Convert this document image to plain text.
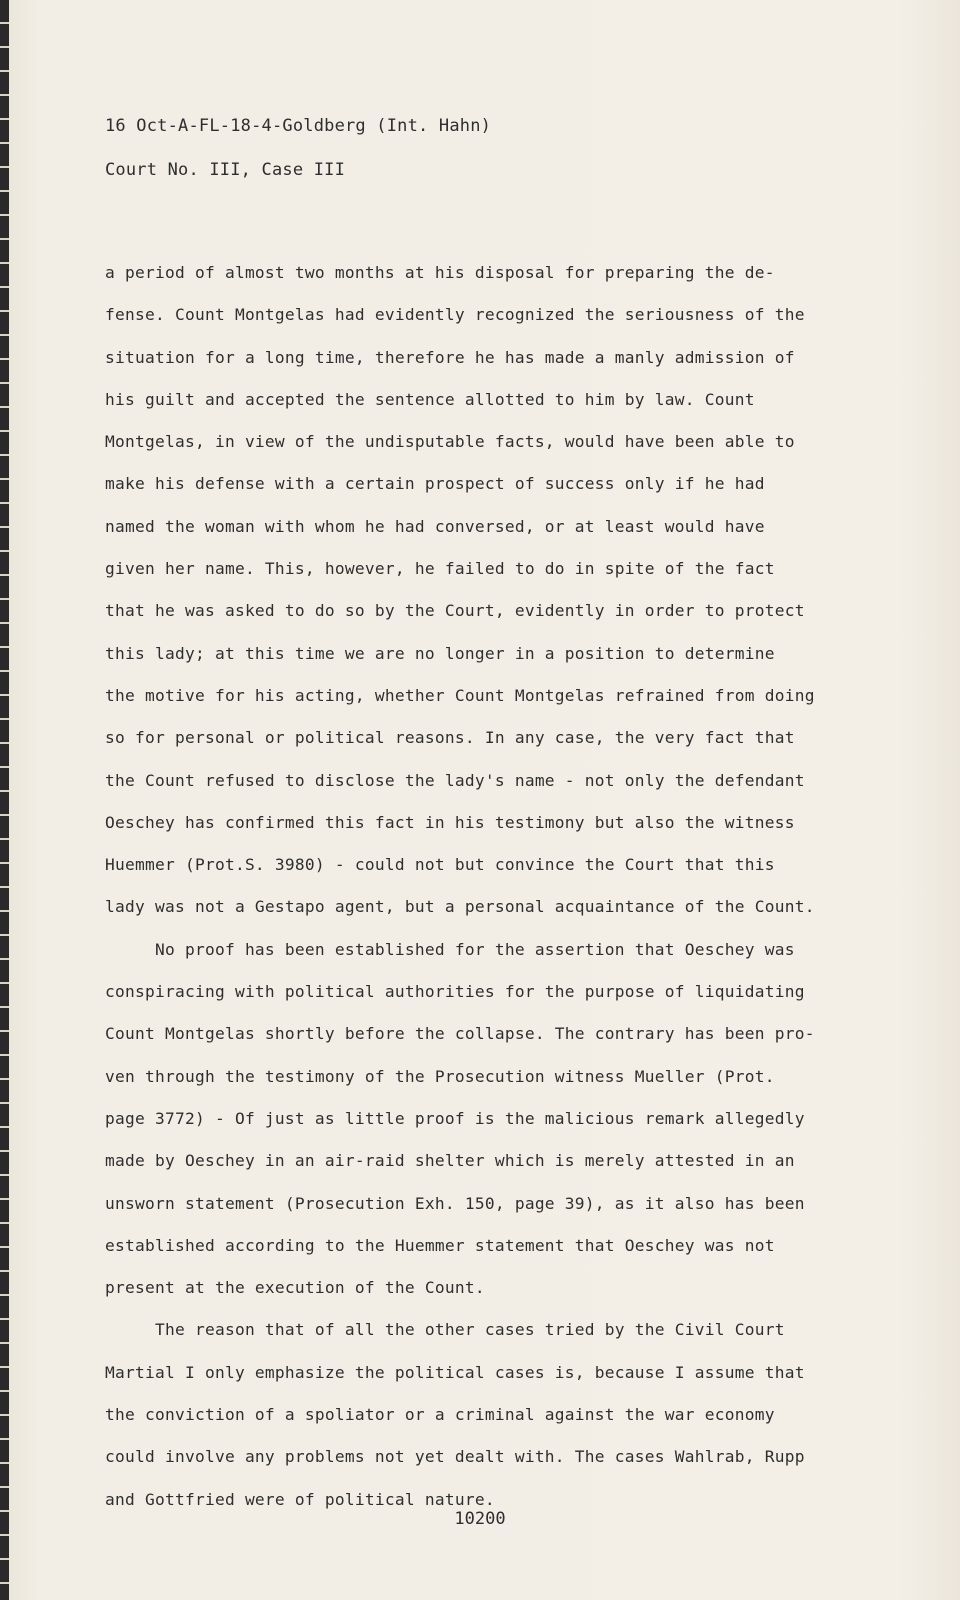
16 Oct-A-FL-18-4-Goldberg (Int. Hahn)
Court No. III, Case III
a period of almost two months at his disposal for preparing the de-
fense. Count Montgelas had evidently recognized the seriousness of the
situation for a long time, therefore he has made a manly admission of
his guilt and accepted the sentence allotted to him by law. Count
Montgelas, in view of the undisputable facts, would have been able to
make his defense with a certain prospect of success only if he had
named the woman with whom he had conversed, or at least would have
given her name. This, however, he failed to do in spite of the fact
that he was asked to do so by the Court, evidently in order to protect
this lady; at this time we are no longer in a position to determine
the motive for his acting, whether Count Montgelas refrained from doing
so for personal or political reasons. In any case, the very fact that
the Count refused to disclose the lady's name - not only the defendant
Oeschey has confirmed this fact in his testimony but also the witness
Huemmer (Prot.S. 3980) - could not but convince the Court that this
lady was not a Gestapo agent, but a personal acquaintance of the Count.
No proof has been established for the assertion that Oeschey was
conspiracing with political authorities for the purpose of liquidating
Count Montgelas shortly before the collapse. The contrary has been pro-
ven through the testimony of the Prosecution witness Mueller (Prot.
page 3772) - Of just as little proof is the malicious remark allegedly
made by Oeschey in an air-raid shelter which is merely attested in an
unsworn statement (Prosecution Exh. 150, page 39), as it also has been
established according to the Huemmer statement that Oeschey was not
present at the execution of the Count.
The reason that of all the other cases tried by the Civil Court
Martial I only emphasize the political cases is, because I assume that
the conviction of a spoliator or a criminal against the war economy
could involve any problems not yet dealt with. The cases Wahlrab, Rupp
and Gottfried were of political nature.
10200
